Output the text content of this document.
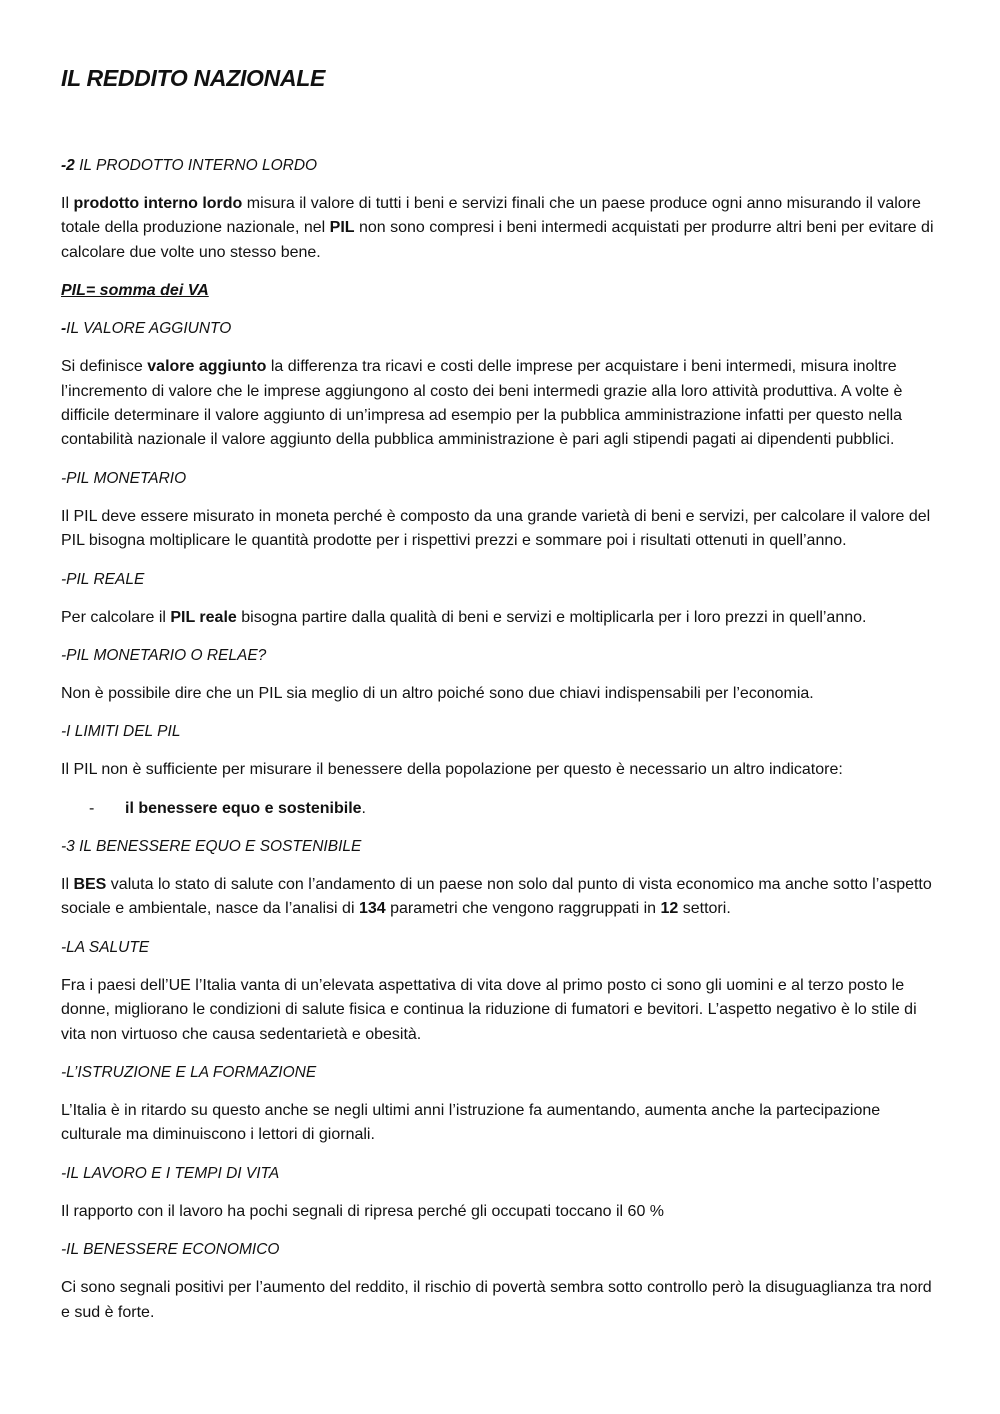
IL REDDITO NAZIONALE

-2 IL PRODOTTO INTERNO LORDO

Il prodotto interno lordo misura il valore di tutti i beni e servizi finali che un paese produce ogni anno misurando il valore totale della produzione nazionale, nel PIL non sono compresi i beni intermedi acquistati per produrre altri beni per evitare di calcolare due volte uno stesso bene.

PIL= somma dei VA

-IL VALORE AGGIUNTO

Si definisce valore aggiunto la differenza tra ricavi e costi delle imprese per acquistare i beni intermedi, misura inoltre l’incremento di valore che le imprese aggiungono al costo dei beni intermedi grazie alla loro attività produttiva. A volte è difficile determinare il valore aggiunto di un’impresa ad esempio per la pubblica amministrazione infatti per questo nella contabilità nazionale il valore aggiunto della pubblica amministrazione è pari agli stipendi pagati ai dipendenti pubblici.

-PIL MONETARIO

Il PIL deve essere misurato in moneta perché è composto da una grande varietà di beni e servizi, per calcolare il valore del PIL bisogna moltiplicare le quantità prodotte per i rispettivi prezzi e sommare poi i risultati ottenuti in quell’anno.

-PIL REALE

Per calcolare il PIL reale bisogna partire dalla qualità di beni e servizi e moltiplicarla per i loro prezzi in quell’anno.

-PIL MONETARIO O RELAE?

Non è possibile dire che un PIL sia meglio di un altro poiché sono due chiavi indispensabili per l’economia.

-I LIMITI DEL PIL

Il PIL non è sufficiente per misurare il benessere della popolazione per questo è necessario un altro indicatore:

- il benessere equo e sostenibile.

-3 IL BENESSERE EQUO E SOSTENIBILE

Il BES valuta lo stato di salute con l’andamento di un paese non solo dal punto di vista economico ma anche sotto l’aspetto sociale e ambientale, nasce da l’analisi di 134 parametri che vengono raggruppati in 12 settori.

-LA SALUTE

Fra i paesi dell’UE l’Italia vanta di un’elevata aspettativa di vita dove al primo posto ci sono gli uomini e al terzo posto le donne, migliorano le condizioni di salute fisica e continua la riduzione di fumatori e bevitori. L’aspetto negativo è lo stile di vita non virtuoso che causa sedentarietà e obesità.

-L’ISTRUZIONE E LA FORMAZIONE

L’Italia è in ritardo su questo anche se negli ultimi anni l’istruzione fa aumentando, aumenta anche la partecipazione culturale ma diminuiscono i lettori di giornali.

-IL LAVORO E I TEMPI DI VITA

Il rapporto con il lavoro ha pochi segnali di ripresa perché gli occupati toccano il 60 %

-IL BENESSERE ECONOMICO

Ci sono segnali positivi per l’aumento del reddito, il rischio di povertà sembra sotto controllo però la disuguaglianza tra nord e sud è forte.
